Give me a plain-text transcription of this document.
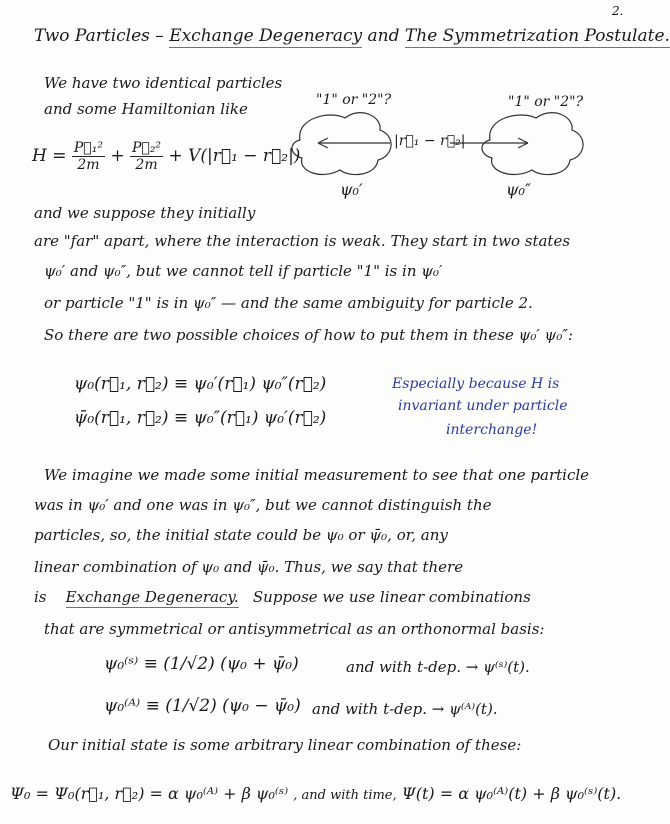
2.
Two Particles – Exchange Degeneracy and The Symmetrization Postulate.
We have two identical particles
and some Hamiltonian like
$H = \frac{\text{P⃗₁²}}{2m} + \frac{\text{P⃗₂²}}{2m}$ + V(|r⃗₁ − r⃗₂|)
"1" or "2"?	"1" or "2"?
|r⃗₁ − r⃗₂|
ψ₀′	ψ₀″
and we suppose they initially
are "far" apart, where the interaction is weak. They start in two states
ψ₀′ and ψ₀″, but we cannot tell if particle "1" is in ψ₀′
or particle "1" is in ψ₀″ — and the same ambiguity for particle 2.
So there are two possible choices of how to put them in these ψ₀′ ψ₀″:
ψ₀(r⃗₁, r⃗₂) ≡ ψ₀′(r⃗₁) ψ₀″(r⃗₂)
ψ̄₀(r⃗₁, r⃗₂) ≡ ψ₀″(r⃗₁) ψ₀′(r⃗₂)
Especially because H is
invariant under particle
interchange!
We imagine we made some initial measurement to see that one particle
was in ψ₀′ and one was in ψ₀″, but we cannot distinguish the
particles, so, the initial state could be ψ₀ or ψ̄₀, or, any
linear combination of ψ₀ and ψ̄₀. Thus, we say that there
is Exchange Degeneracy. Suppose we use linear combinations
that are symmetrical or antisymmetrical as an orthonormal basis:
ψ₀⁽ˢ⁾ ≡ (1/√2) (ψ₀ + ψ̄₀)	and with t-dep. → ψ⁽ˢ⁾(t).
ψ₀⁽ᴬ⁾ ≡ (1/√2) (ψ₀ − ψ̄₀) and with t-dep. → ψ⁽ᴬ⁾(t).
Our initial state is some arbitrary linear combination of these:
Ψ₀ = Ψ₀(r⃗₁, r⃗₂) = α ψ₀⁽ᴬ⁾ + β ψ₀⁽ˢ⁾ , and with time, Ψ(t) = α ψ₀⁽ᴬ⁾(t) + β ψ₀⁽ˢ⁾(t).
